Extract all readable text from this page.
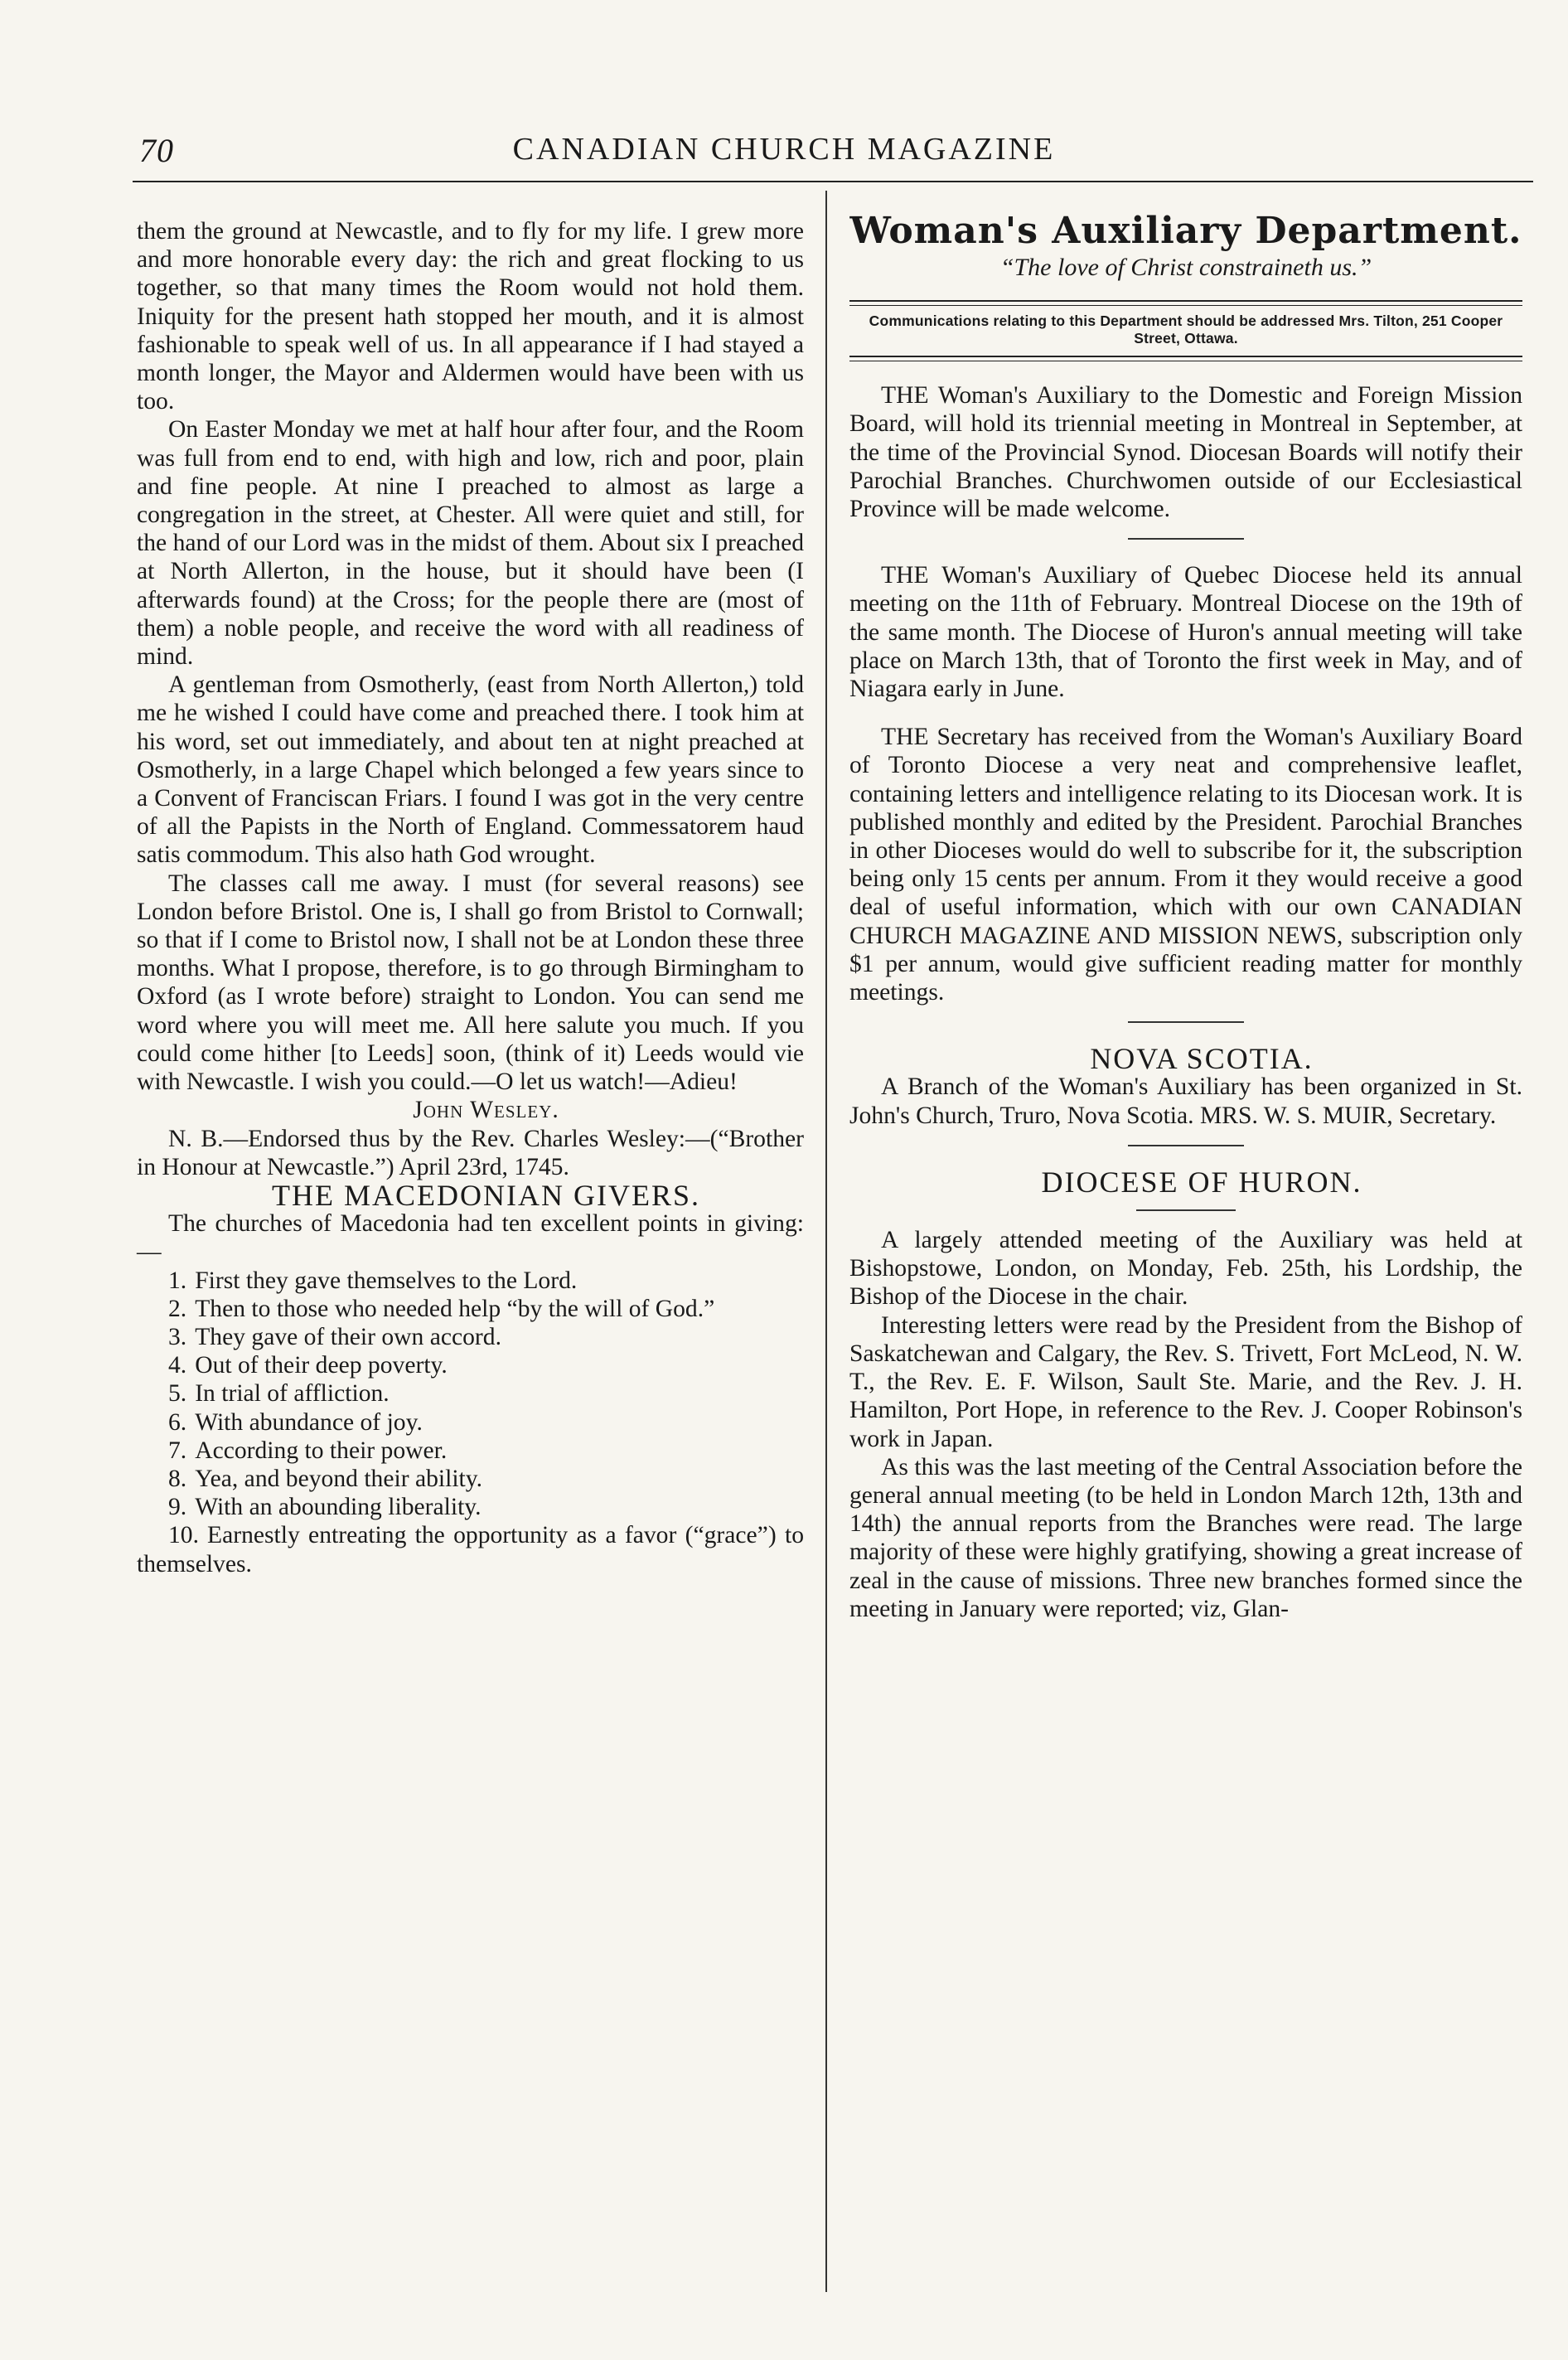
70	CANADIAN CHURCH MAGAZINE

them the ground at Newcastle, and to fly for my life. I grew more and more honorable every day: the rich and great flocking to us together, so that many times the Room would not hold them. Iniquity for the present hath stopped her mouth, and it is almost fashionable to speak well of us. In all appearance if I had stayed a month longer, the Mayor and Aldermen would have been with us too.

On Easter Monday we met at half hour after four, and the Room was full from end to end, with high and low, rich and poor, plain and fine people. At nine I preached to almost as large a congregation in the street, at Chester. All were quiet and still, for the hand of our Lord was in the midst of them. About six I preached at North Allerton, in the house, but it should have been (I afterwards found) at the Cross; for the people there are (most of them) a noble people, and receive the word with all readiness of mind.

A gentleman from Osmotherly, (east from North Allerton,) told me he wished I could have come and preached there. I took him at his word, set out immediately, and about ten at night preached at Osmotherly, in a large Chapel which belonged a few years since to a Convent of Franciscan Friars. I found I was got in the very centre of all the Papists in the North of England. Commessatorem haud satis commodum. This also hath God wrought.

The classes call me away. I must (for several reasons) see London before Bristol. One is, I shall go from Bristol to Cornwall; so that if I come to Bristol now, I shall not be at London these three months. What I propose, therefore, is to go through Birmingham to Oxford (as I wrote before) straight to London. You can send me word where you will meet me. All here salute you much. If you could come hither [to Leeds] soon, (think of it) Leeds would vie with Newcastle. I wish you could.—O let us watch!—Adieu!

John Wesley.

N. B.—Endorsed thus by the Rev. Charles Wesley:—(“Brother in Honour at Newcastle.”) April 23rd, 1745.

THE MACEDONIAN GIVERS.

The churches of Macedonia had ten excellent points in giving:—

1. First they gave themselves to the Lord.
2. Then to those who needed help “by the will of God.”
3. They gave of their own accord.
4. Out of their deep poverty.
5. In trial of affliction.
6. With abundance of joy.
7. According to their power.
8. Yea, and beyond their ability.
9. With an abounding liberality.
10. Earnestly entreating the opportunity as a favor (“grace”) to themselves.
Woman's Auxiliary Department.
“The love of Christ constraineth us.”
Communications relating to this Department should be addressed Mrs. Tilton, 251 Cooper Street, Ottawa.

THE Woman's Auxiliary to the Domestic and Foreign Mission Board, will hold its triennial meeting in Montreal in September, at the time of the Provincial Synod. Diocesan Boards will notify their Parochial Branches. Churchwomen outside of our Ecclesiastical Province will be made welcome.

THE Woman's Auxiliary of Quebec Diocese held its annual meeting on the 11th of February. Montreal Diocese on the 19th of the same month. The Diocese of Huron's annual meeting will take place on March 13th, that of Toronto the first week in May, and of Niagara early in June.

THE Secretary has received from the Woman's Auxiliary Board of Toronto Diocese a very neat and comprehensive leaflet, containing letters and intelligence relating to its Diocesan work. It is published monthly and edited by the President. Parochial Branches in other Dioceses would do well to subscribe for it, the subscription being only 15 cents per annum. From it they would receive a good deal of useful information, which with our own CANADIAN CHURCH MAGAZINE AND MISSION NEWS, subscription only $1 per annum, would give sufficient reading matter for monthly meetings.

NOVA SCOTIA.

A Branch of the Woman's Auxiliary has been organized in St. John's Church, Truro, Nova Scotia. MRS. W. S. MUIR, Secretary.

DIOCESE OF HURON.

A largely attended meeting of the Auxiliary was held at Bishopstowe, London, on Monday, Feb. 25th, his Lordship, the Bishop of the Diocese in the chair.

Interesting letters were read by the President from the Bishop of Saskatchewan and Calgary, the Rev. S. Trivett, Fort McLeod, N. W. T., the Rev. E. F. Wilson, Sault Ste. Marie, and the Rev. J. H. Hamilton, Port Hope, in reference to the Rev. J. Cooper Robinson's work in Japan.

As this was the last meeting of the Central Association before the general annual meeting (to be held in London March 12th, 13th and 14th) the annual reports from the Branches were read. The large majority of these were highly gratifying, showing a great increase of zeal in the cause of missions. Three new branches formed since the meeting in January were reported; viz, Glan-
